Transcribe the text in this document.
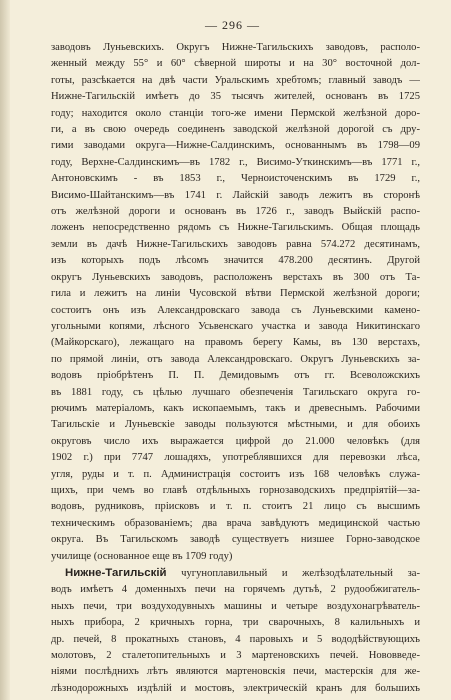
— 296 —
заводовъ Луньевскихъ. Округъ Нижне-Тагильскихъ заводовъ, располо-
женный между 55° и 60° сѣверной широты и на 30° восточной дол-
готы, разсѣкается на двѣ части Уральскимъ хребтомъ; главный заводъ —
Нижне-Тагильскій имѣетъ до 35 тысячъ жителей, основанъ въ 1725
году; находится около станціи того-же имени Пермской желѣзной доро-
ги, а въ свою очередь соединенъ заводской желѣзной дорогой съ дру-
гими заводами округа—Нижне-Салдинскимъ, основаннымъ въ 1798—09
году, Верхне-Салдинскимъ—въ 1782 г., Висимо-Уткинскимъ—въ 1771 г.,
Антоновскимъ - въ 1853 г., Черноисточенскимъ въ 1729 г.,
Висимо-Шайтанскимъ—въ 1741 г. Лайскій заводъ лежитъ въ сторонѣ
отъ желѣзной дороги и основанъ въ 1726 г., заводъ Выйскій распо-
ложенъ непосредственно рядомъ съ Нижне-Тагильскимъ. Общая площадь
земли въ дачѣ Нижне-Тагильскихъ заводовъ равна 574.272 десятинамъ,
изъ которыхъ подъ лѣсомъ значится 478.200 десятинъ. Другой
округъ Луньевскихъ заводовъ, расположенъ верстахъ въ 300 отъ Та-
гила и лежитъ на линіи Чусовской вѣтви Пермской желѣзной дороги;
состоитъ онъ изъ Александровскаго завода съ Луньевскими камено-
угольными копями, лѣсного Усьвенскаго участка и завода Никитинскаго
(Майкорскаго), лежащаго на правомъ берегу Камы, въ 130 верстахъ,
по прямой линіи, отъ завода Александровскаго. Округъ Луньевскихъ за-
водовъ пріобрѣтенъ П. П. Демидовымъ отъ гг. Всеволожскихъ
въ 1881 году, съ цѣлью лучшаго обезпеченія Тагильскаго округа го-
рючимъ матеріаломъ, какъ ископаемымъ, такъ и древеснымъ. Рабочими
Тагильскіе и Луньевскіе заводы пользуются мѣстными, и для обоихъ
округовъ число ихъ выражается цифрой до 21.000 человѣкъ (для
1902 г.) при 7747 лошадяхъ, употреблявшихся для перевозки лѣса,
угля, руды и т. п. Администрація состоитъ изъ 168 человѣкъ служа-
щихъ, при чемъ во главѣ отдѣльныхъ горнозаводскихъ предпріятій—за-
водовъ, рудниковъ, пріисковъ и т. п. стоитъ 21 лицо съ высшимъ
техническимъ образованіемъ; два врача завѣдуютъ медицинской частью
округа. Въ Тагильскомъ заводѣ существуетъ низшее Горно-заводское
училище (основанное еще въ 1709 году)
Нижне-Тагильскій чугуноплавильный и желѣзодѣлательный за-
водъ имѣетъ 4 доменныхъ печи на горячемъ дутьѣ, 2 рудообжигатель-
ныхъ печи, три воздуходувныхъ машины и четыре воздухонагрѣватель-
ныхъ прибора, 2 кричныхъ горна, три сварочныхъ, 8 калильныхъ и
др. печей, 8 прокатныхъ становъ, 4 паровыхъ и 5 вододѣйствующихъ
молотовъ, 2 сталетопительныхъ и 3 мартеновскихъ печей. Нововведе-
ніями послѣднихъ лѣтъ являются мартеновскія печи, мастерскія для же-
лѣзнодорожныхъ издѣлій и мостовъ, электрическій кранъ для большихъ
